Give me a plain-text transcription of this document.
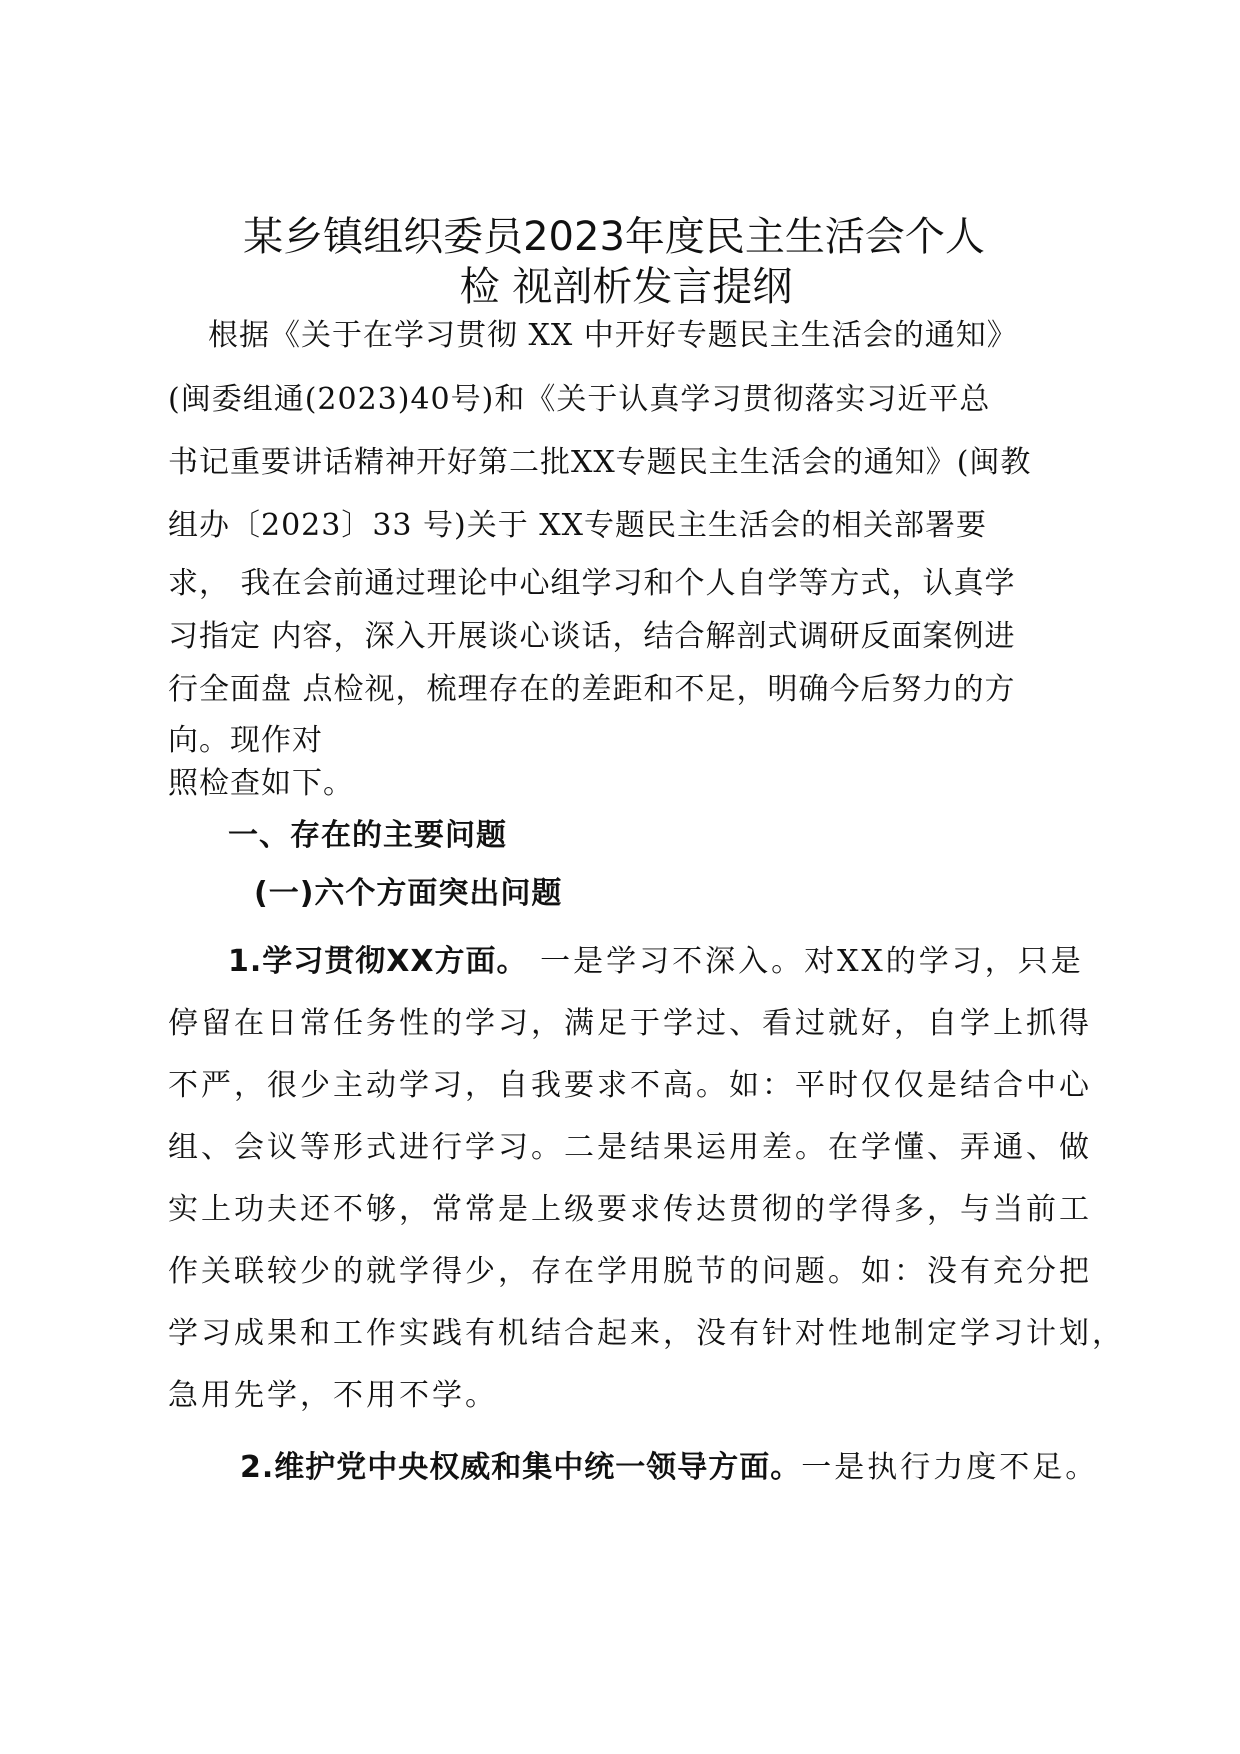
某乡镇组织委员2023年度民主生活会个人
检 视剖析发言提纲
根据《关于在学习贯彻 XX 中开好专题民主生活会的通知》
(闽委组通(2023)40号)和《关于认真学习贯彻落实习近平总
书记重要讲话精神开好第二批XX专题民主生活会的通知》(闽教
组办〔2023〕33 号)关于 XX专题民主生活会的相关部署要
求， 我在会前通过理论中心组学习和个人自学等方式，认真学
习指定 内容，深入开展谈心谈话，结合解剖式调研反面案例进
行全面盘 点检视，梳理存在的差距和不足，明确今后努力的方
向。现作对
照检查如下。
一、存在的主要问题
(一)六个方面突出问题
1.学习贯彻XX方面。 一是学习不深入。对XX的学习，只是
停留在日常任务性的学习，满足于学过、看过就好，自学上抓得
不严，很少主动学习，自我要求不高。如：平时仅仅是结合中心
组、会议等形式进行学习。二是结果运用差。在学懂、弄通、做
实上功夫还不够，常常是上级要求传达贯彻的学得多，与当前工
作关联较少的就学得少，存在学用脱节的问题。如：没有充分把
学习成果和工作实践有机结合起来，没有针对性地制定学习计划，
急用先学，不用不学。
2.维护党中央权威和集中统一领导方面。一是执行力度不足。
